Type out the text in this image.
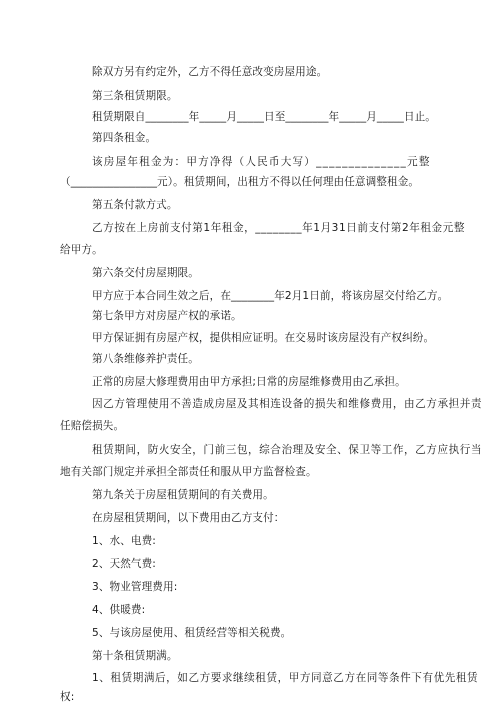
除双方另有约定外，乙方不得任意改变房屋用途。
第三条租赁期限。
租赁期限自________年_____月_____日至________年_____月_____日止。
第四条租金。
该房屋年租金为：甲方净得（人民币大写）______________元整
（________________元）。租赁期间，出租方不得以任何理由任意调整租金。
第五条付款方式。
乙方按在上房前支付第1年租金，________年1月31日前支付第2年租金元整
给甲方。
第六条交付房屋期限。
甲方应于本合同生效之后，在________年2月1日前，将该房屋交付给乙方。
第七条甲方对房屋产权的承诺。
甲方保证拥有房屋产权，提供相应证明。在交易时该房屋没有产权纠纷。
第八条维修养护责任。
正常的房屋大修理费用由甲方承担;日常的房屋维修费用由乙承担。
因乙方管理使用不善造成房屋及其相连设备的损失和维修费用，由乙方承担并责
任赔偿损失。
租赁期间，防火安全，门前三包，综合治理及安全、保卫等工作，乙方应执行当
地有关部门规定并承担全部责任和服从甲方监督检查。
第九条关于房屋租赁期间的有关费用。
在房屋租赁期间，以下费用由乙方支付：
1、水、电费:
2、天然气费:
3、物业管理费用:
4、供暖费:
5、与该房屋使用、租赁经营等相关税费。
第十条租赁期满。
1、租赁期满后，如乙方要求继续租赁，甲方同意乙方在同等条件下有优先租赁
权:
